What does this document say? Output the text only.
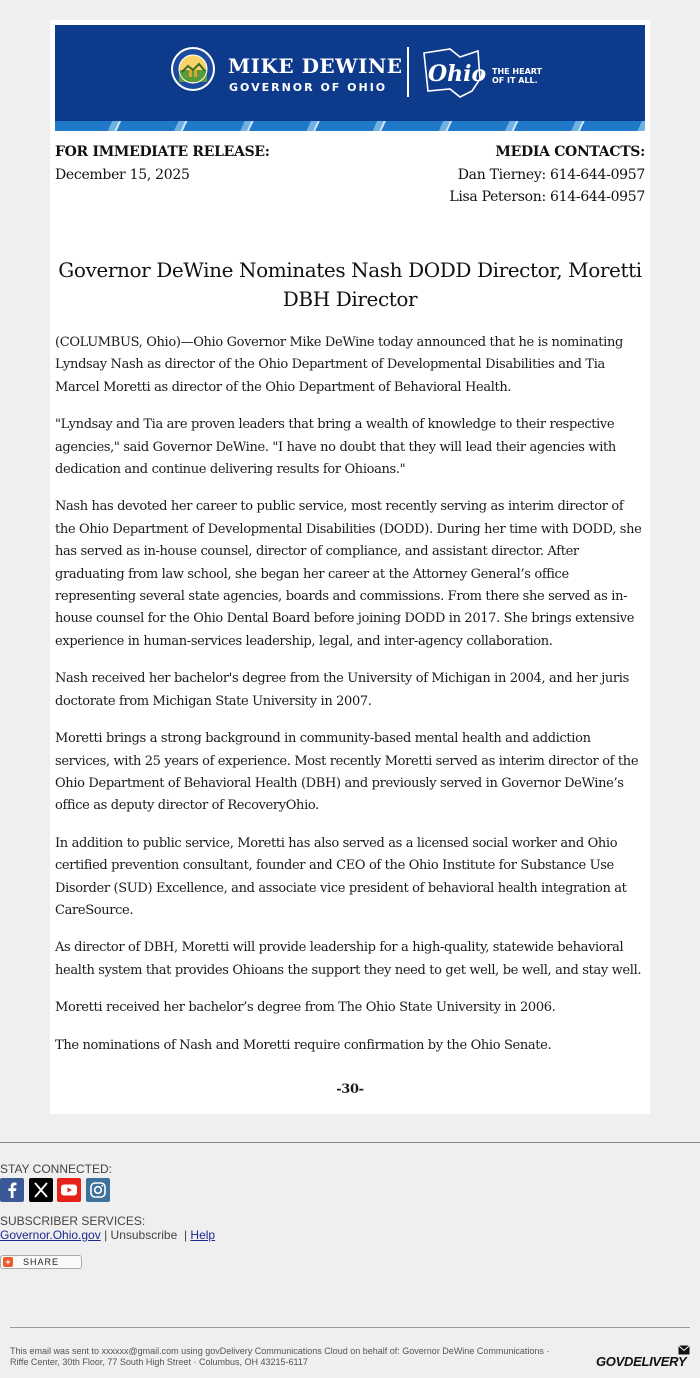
MIKE DEWINE
GOVERNOR OF OHIO
Ohio THE HEART
OF IT ALL.
FOR IMMEDIATE RELEASE:
December 15, 2025
MEDIA CONTACTS:
Dan Tierney: 614-644-0957
Lisa Peterson: 614-644-0957
Governor DeWine Nominates Nash DODD Director, Moretti DBH Director

(COLUMBUS, Ohio)—Ohio Governor Mike DeWine today announced that he is nominating Lyndsay Nash as director of the Ohio Department of Developmental Disabilities and Tia Marcel Moretti as director of the Ohio Department of Behavioral Health.

"Lyndsay and Tia are proven leaders that bring a wealth of knowledge to their respective agencies," said Governor DeWine. "I have no doubt that they will lead their agencies with dedication and continue delivering results for Ohioans."

Nash has devoted her career to public service, most recently serving as interim director of the Ohio Department of Developmental Disabilities (DODD). During her time with DODD, she has served as in-house counsel, director of compliance, and assistant director. After graduating from law school, she began her career at the Attorney General’s office representing several state agencies, boards and commissions. From there she served as in-house counsel for the Ohio Dental Board before joining DODD in 2017. She brings extensive experience in human-services leadership, legal, and inter-agency collaboration.

Nash received her bachelor's degree from the University of Michigan in 2004, and her juris doctorate from Michigan State University in 2007.

Moretti brings a strong background in community-based mental health and addiction services, with 25 years of experience. Most recently Moretti served as interim director of the Ohio Department of Behavioral Health (DBH) and previously served in Governor DeWine’s office as deputy director of RecoveryOhio.

In addition to public service, Moretti has also served as a licensed social worker and Ohio certified prevention consultant, founder and CEO of the Ohio Institute for Substance Use Disorder (SUD) Excellence, and associate vice president of behavioral health integration at CareSource.

As director of DBH, Moretti will provide leadership for a high-quality, statewide behavioral health system that provides Ohioans the support they need to get well, be well, and stay well.

Moretti received her bachelor’s degree from The Ohio State University in 2006.

The nominations of Nash and Moretti require confirmation by the Ohio Senate.

-30-

STAY CONNECTED:
SUBSCRIBER SERVICES:
Governor.Ohio.gov | Unsubscribe | Help
+ SHARE
This email was sent to xxxxxx@gmail.com using govDelivery Communications Cloud on behalf of: Governor DeWine Communications · Riffe Center, 30th Floor, 77 South High Street · Columbus, OH 43215-6117	GOVDELIVERY
